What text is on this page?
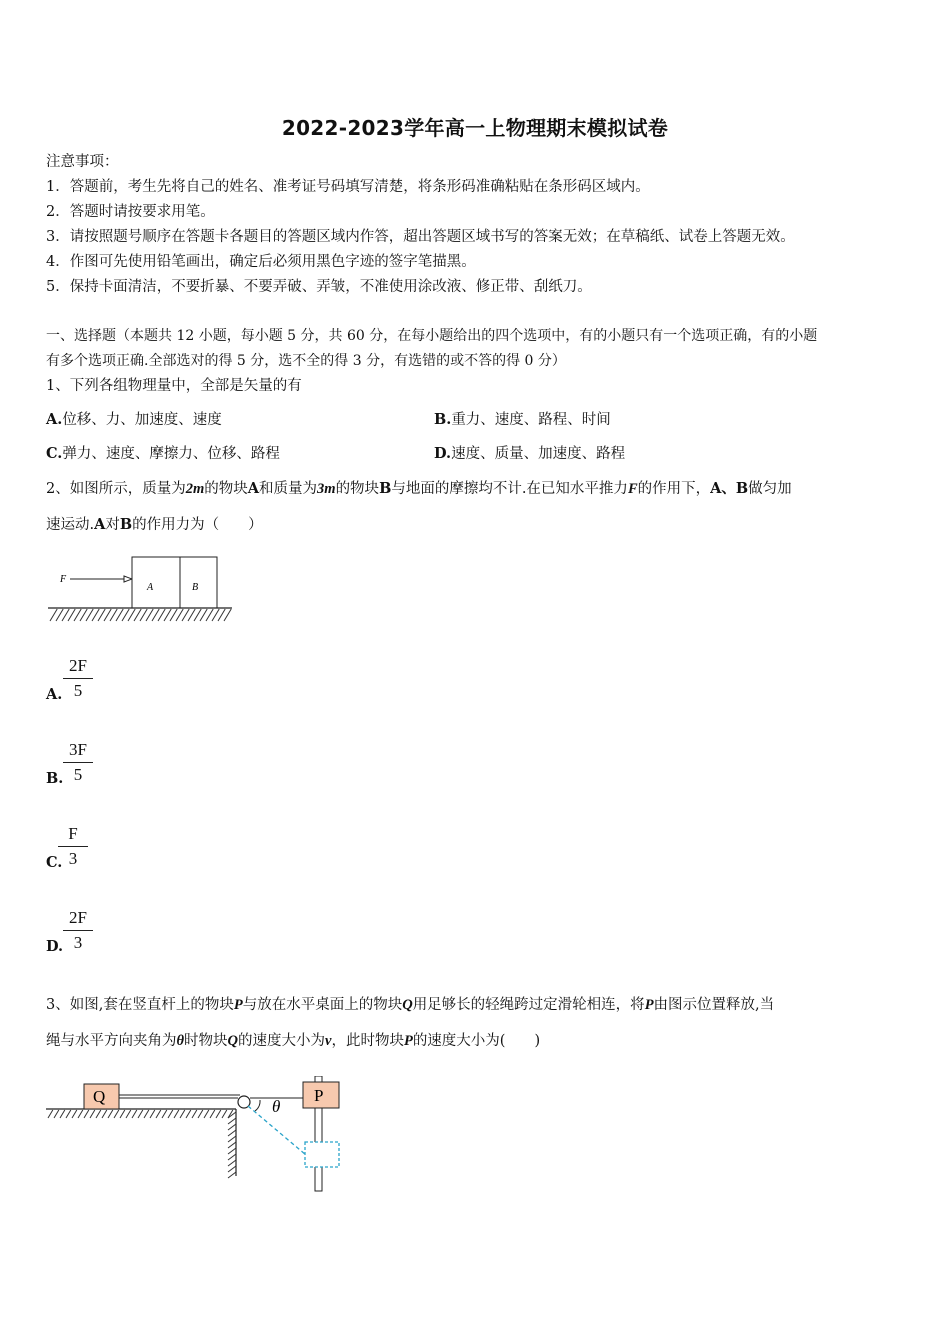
2022-2023学年高一上物理期末模拟试卷
注意事项：
1．答题前，考生先将自己的姓名、准考证号码填写清楚，将条形码准确粘贴在条形码区域内。
2．答题时请按要求用笔。
3．请按照题号顺序在答题卡各题目的答题区域内作答，超出答题区域书写的答案无效；在草稿纸、试卷上答题无效。
4．作图可先使用铅笔画出，确定后必须用黑色字迹的签字笔描黑。
5．保持卡面清洁，不要折暴、不要弄破、弄皱，不准使用涂改液、修正带、刮纸刀。
一、选择题（本题共 12 小题，每小题 5 分，共 60 分，在每小题给出的四个选项中，有的小题只有一个选项正确，有的小题
有多个选项正确.全部选对的得 5 分，选不全的得 3 分，有选错的或不答的得 0 分）
1、下列各组物理量中，全部是矢量的有
A.位移、力、加速度、速度	B.重力、速度、路程、时间
C.弹力、速度、摩擦力、位移、路程	D.速度、质量、加速度、路程
2、如图所示，质量为2m的物块A和质量为3m的物块B与地面的摩擦均不计.在已知水平推力F的作用下，A、B做匀加
速运动.A对B的作用力为（　　）
F
A	B
A. $\frac{2F}{5}$
B. $\frac{3F}{5}$
C.
$\frac{F}{3}$
D. $\frac{2F}{3}$
3、如图,套在竖直杆上的物块P与放在水平桌面上的物块Q用足够长的轻绳跨过定滑轮相连，将P由图示位置释放,当
绳与水平方向夹角为θ时物块Q的速度大小为v，此时物块P的速度大小为(　　)
Q	P
θ
